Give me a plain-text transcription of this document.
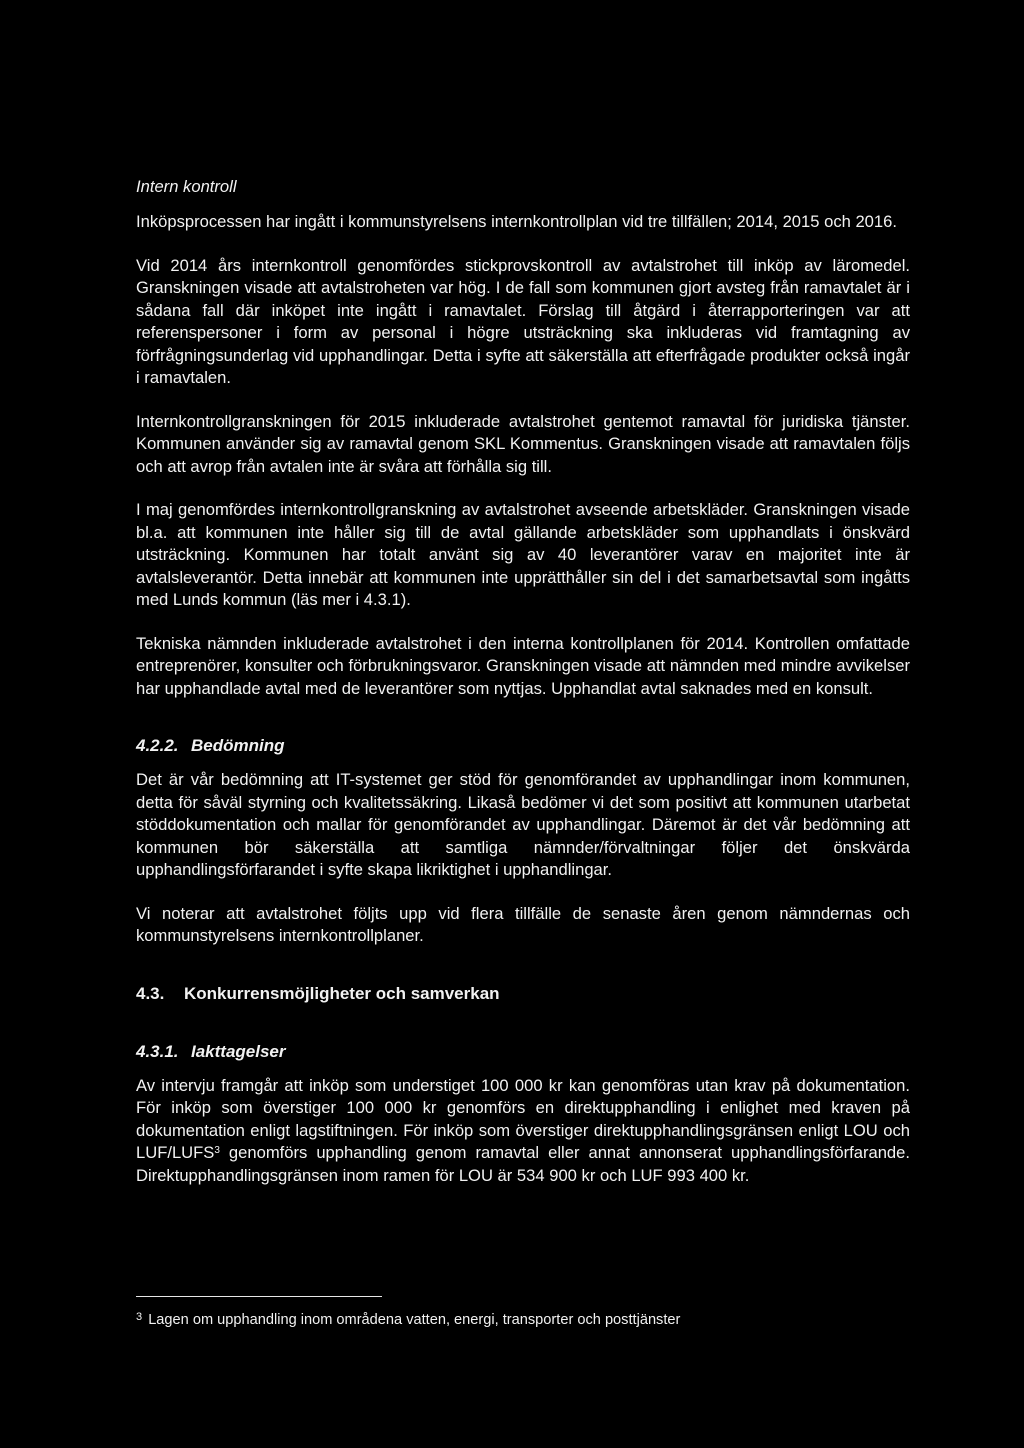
Intern kontroll

Inköpsprocessen har ingått i kommunstyrelsens internkontrollplan vid tre tillfällen; 2014, 2015 och 2016.

Vid 2014 års internkontroll genomfördes stickprovskontroll av avtalstrohet till inköp av läromedel. Granskningen visade att avtalstroheten var hög. I de fall som kommunen gjort avsteg från ramavtalet är i sådana fall där inköpet inte ingått i ramavtalet. Förslag till åtgärd i återrapporteringen var att referenspersoner i form av personal i högre utsträckning ska inkluderas vid framtagning av förfrågningsunderlag vid upphandlingar. Detta i syfte att säkerställa att efterfrågade produkter också ingår i ramavtalen.

Internkontrollgranskningen för 2015 inkluderade avtalstrohet gentemot ramavtal för juridiska tjänster. Kommunen använder sig av ramavtal genom SKL Kommentus. Granskningen visade att ramavtalen följs och att avrop från avtalen inte är svåra att förhålla sig till.

I maj genomfördes internkontrollgranskning av avtalstrohet avseende arbetskläder. Granskningen visade bl.a. att kommunen inte håller sig till de avtal gällande arbetskläder som upphandlats i önskvärd utsträckning. Kommunen har totalt använt sig av 40 leverantörer varav en majoritet inte är avtalsleverantör. Detta innebär att kommunen inte upprätthåller sin del i det samarbetsavtal som ingåtts med Lunds kommun (läs mer i 4.3.1).

Tekniska nämnden inkluderade avtalstrohet i den interna kontrollplanen för 2014. Kontrollen omfattade entreprenörer, konsulter och förbrukningsvaror. Granskningen visade att nämnden med mindre avvikelser har upphandlade avtal med de leverantörer som nyttjas. Upphandlat avtal saknades med en konsult.

4.2.2. Bedömning

Det är vår bedömning att IT-systemet ger stöd för genomförandet av upphandlingar inom kommunen, detta för såväl styrning och kvalitetssäkring. Likaså bedömer vi det som positivt att kommunen utarbetat stöddokumentation och mallar för genomförandet av upphandlingar. Däremot är det vår bedömning att kommunen bör säkerställa att samtliga nämnder/förvaltningar följer det önskvärda upphandlingsförfarandet i syfte skapa likriktighet i upphandlingar.

Vi noterar att avtalstrohet följts upp vid flera tillfälle de senaste åren genom nämndernas och kommunstyrelsens internkontrollplaner.

4.3.	Konkurrensmöjligheter och samverkan
4.3.1. Iakttagelser

Av intervju framgår att inköp som understiget 100 000 kr kan genomföras utan krav på dokumentation. För inköp som överstiger 100 000 kr genomförs en direktupphandling i enlighet med kraven på dokumentation enligt lagstiftningen. För inköp som överstiger direktupphandlingsgränsen enligt LOU och LUF/LUFS$^3$ genomförs upphandling genom ramavtal eller annat annonserat upphandlingsförfarande. Direktupphandlingsgränsen inom ramen för LOU är 534 900 kr och LUF 993 400 kr.

$^3$ Lagen om upphandling inom områdena vatten, energi, transporter och posttjänster
